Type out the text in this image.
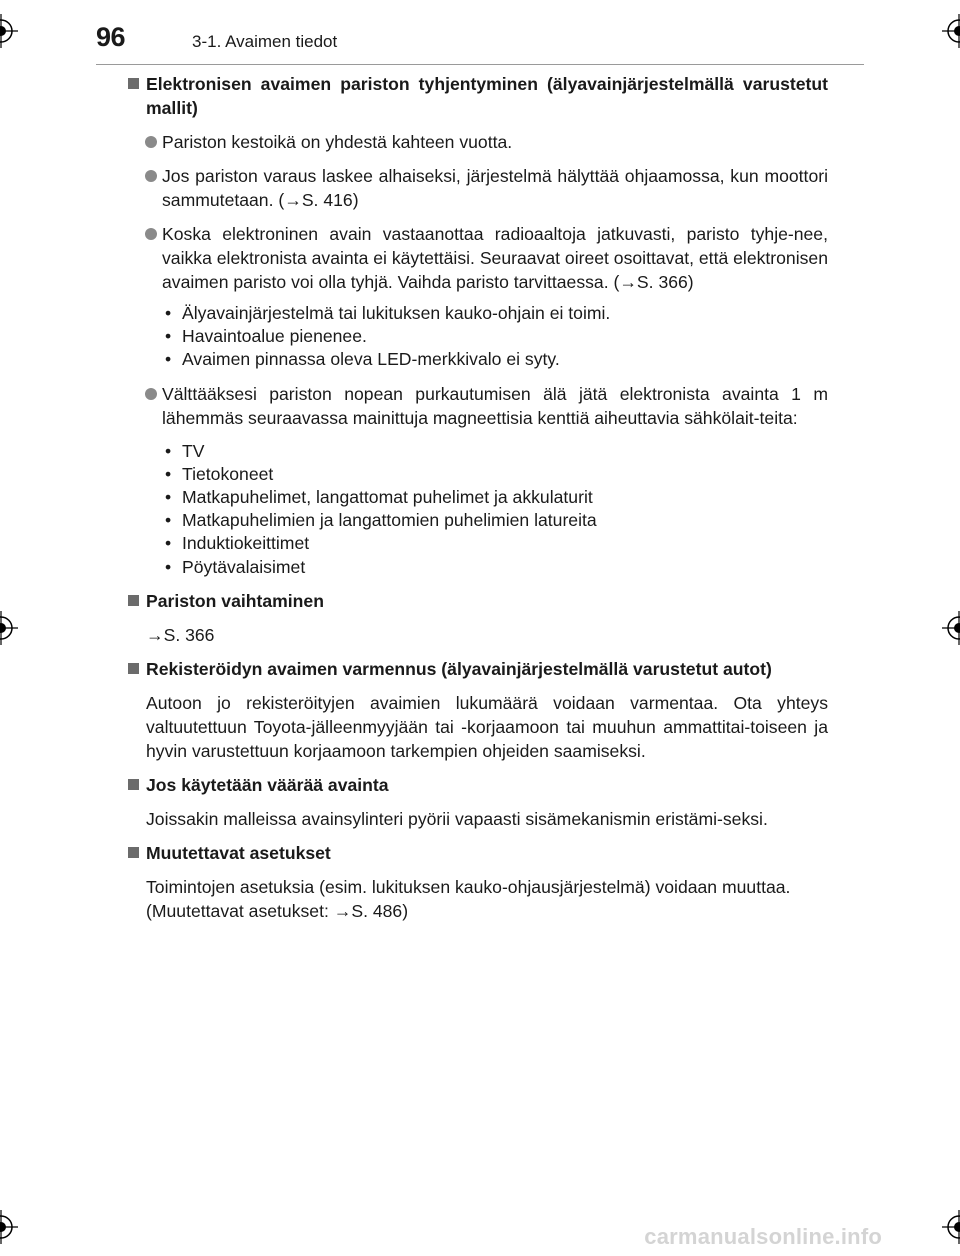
96	3-1. Avaimen tiedot
Elektronisen avaimen pariston tyhjentyminen (älyavainjärjestelmällä varustetut mallit)
Pariston kestoikä on yhdestä kahteen vuotta.
Jos pariston varaus laskee alhaiseksi, järjestelmä hälyttää ohjaamossa, kun moottori sammutetaan. (→S. 416)
Koska elektroninen avain vastaanottaa radioaaltoja jatkuvasti, paristo tyhje-nee, vaikka elektronista avainta ei käytettäisi. Seuraavat oireet osoittavat, että elektronisen avaimen paristo voi olla tyhjä. Vaihda paristo tarvittaessa. (→S. 366)
• Älyavainjärjestelmä tai lukituksen kauko-ohjain ei toimi.
• Havaintoalue pienenee.
• Avaimen pinnassa oleva LED-merkkivalo ei syty.
Välttääksesi pariston nopean purkautumisen älä jätä elektronista avainta 1 m lähemmäs seuraavassa mainittuja magneettisia kenttiä aiheuttavia sähkölait-teita:
• TV
• Tietokoneet
• Matkapuhelimet, langattomat puhelimet ja akkulaturit
• Matkapuhelimien ja langattomien puhelimien latureita
• Induktiokeittimet
• Pöytävalaisimet
Pariston vaihtaminen
→S. 366
Rekisteröidyn avaimen varmennus (älyavainjärjestelmällä varustetut autot)
Autoon jo rekisteröityjen avaimien lukumäärä voidaan varmentaa. Ota yhteys valtuutettuun Toyota-jälleenmyyjään tai -korjaamoon tai muuhun ammattitai-toiseen ja hyvin varustettuun korjaamoon tarkempien ohjeiden saamiseksi.
Jos käytetään väärää avainta
Joissakin malleissa avainsylinteri pyörii vapaasti sisämekanismin eristämi-seksi.
Muutettavat asetukset
Toimintojen asetuksia (esim. lukituksen kauko-ohjausjärjestelmä) voidaan muuttaa.
(Muutettavat asetukset: →S. 486)
carmanualsonline.info
